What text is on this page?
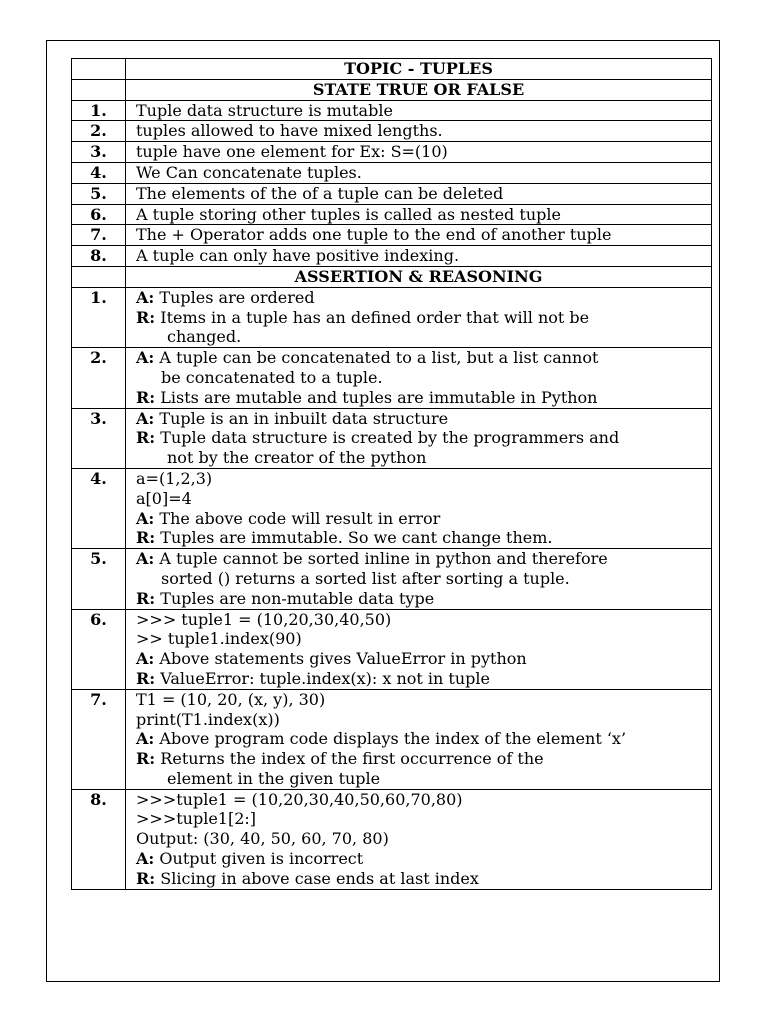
	TOPIC - TUPLES
	STATE TRUE OR FALSE
1.	Tuple data structure is mutable
2.	tuples allowed to have mixed lengths.
3.	tuple have one element for Ex: S=(10)
4.	We Can concatenate tuples.
5.	The elements of the of a tuple can be deleted
6.	A tuple storing other tuples is called as nested tuple
7.	The + Operator adds one tuple to the end of another tuple
8.	A tuple can only have positive indexing.
	ASSERTION & REASONING
1.	A: Tuples are ordered
R: Items in a tuple has an defined order that will not be
changed.

2.	A: A tuple can be concatenated to a list, but a list cannot
be concatenated to a tuple.
R: Lists are mutable and tuples are immutable in Python

3.	A: Tuple is an in inbuilt data structure
R: Tuple data structure is created by the programmers and
not by the creator of the python

4.	a=(1,2,3)
a[0]=4
A: The above code will result in error
R: Tuples are immutable. So we cant change them.

5.	A: A tuple cannot be sorted inline in python and therefore
sorted () returns a sorted list after sorting a tuple.
R: Tuples are non-mutable data type

6.	>>> tuple1 = (10,20,30,40,50)
>> tuple1.index(90)
A: Above statements gives ValueError in python
R: ValueError: tuple.index(x): x not in tuple

7.	T1 = (10, 20, (x, y), 30)
print(T1.index(x))
A: Above program code displays the index of the element ‘x’
R: Returns the index of the first occurrence of the
element in the given tuple

8.	>>>tuple1 = (10,20,30,40,50,60,70,80)
>>>tuple1[2:]
Output: (30, 40, 50, 60, 70, 80)
A: Output given is incorrect
R: Slicing in above case ends at last index
